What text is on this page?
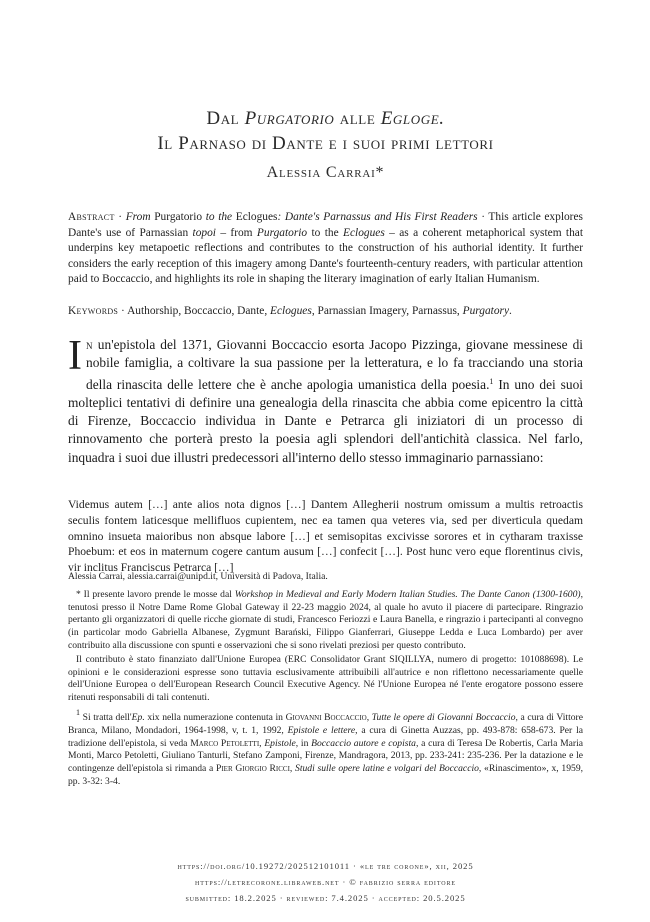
Dal Purgatorio alle Egloge.
Il Parnaso di Dante e i suoi primi lettori
Alessia Carrai*
Abstract · From Purgatorio to the Eclogues: Dante's Parnassus and His First Readers · This article explores Dante's use of Parnassian topoi – from Purgatorio to the Eclogues – as a coherent metaphorical system that underpins key metapoetic reflections and contributes to the construction of his authorial identity. It further considers the early reception of this imagery among Dante's fourteenth-century readers, with particular attention paid to Boccaccio, and highlights its role in shaping the literary imagination of early Italian Humanism.
Keywords · Authorship, Boccaccio, Dante, Eclogues, Parnassian Imagery, Parnassus, Purgatory.
In un'epistola del 1371, Giovanni Boccaccio esorta Jacopo Pizzinga, giovane messinese di nobile famiglia, a coltivare la sua passione per la letteratura, e lo fa tracciando una storia della rinascita delle lettere che è anche apologia umanistica della poesia.$^1$ In uno dei suoi molteplici tentativi di definire una genealogia della rinascita che abbia come epicentro la città di Firenze, Boccaccio individua in Dante e Petrarca gli iniziatori di un processo di rinnovamento che porterà presto la poesia agli splendori dell'antichità classica. Nel farlo, inquadra i suoi due illustri predecessori all'interno dello stesso immaginario parnassiano:
Videmus autem […] ante alios nota dignos […] Dantem Allegherii nostrum omissum a multis retroactis seculis fontem laticesque mellifluos cupientem, nec ea tamen qua veteres via, sed per diverticula quedam omnino insueta maioribus non absque labore […] et semisopitas excivisse sorores et in cytharam traxisse Phoebum: et eos in maternum cogere cantum ausum […] confecit […]. Post hunc vero eque florentinus civis, vir inclitus Franciscus Petrarca […]

Alessia Carrai, alessia.carrai@unipd.it, Università di Padova, Italia.

* Il presente lavoro prende le mosse dal Workshop in Medieval and Early Modern Italian Studies. The Dante Canon (1300-1600), tenutosi presso il Notre Dame Rome Global Gateway il 22-23 maggio 2024, al quale ho avuto il piacere di partecipare. Ringrazio pertanto gli organizzatori di quelle ricche giornate di studi, Francesco Feriozzi e Laura Banella, e ringrazio i partecipanti al convegno (in particolar modo Gabriella Albanese, Zygmunt Barański, Filippo Gianferrari, Giuseppe Ledda e Luca Lombardo) per aver contribuito alla discussione con spunti e osservazioni che si sono rivelati preziosi per questo contributo.

Il contributo è stato finanziato dall'Unione Europea (ERC Consolidator Grant SIQILLYA, numero di progetto: 101088698). Le opinioni e le considerazioni espresse sono tuttavia esclusivamente attribuibili all'autrice e non riflettono necessariamente quelle dell'Unione Europea o dell'European Research Council Executive Agency. Né l'Unione Europea né l'ente erogatore possono essere ritenuti responsabili di tali contenuti.

$^1$ Si tratta dell'Ep. xix nella numerazione contenuta in Giovanni Boccaccio, Tutte le opere di Giovanni Boccaccio, a cura di Vittore Branca, Milano, Mondadori, 1964-1998, v, t. 1, 1992, Epistole e lettere, a cura di Ginetta Auzzas, pp. 493-878: 658-673. Per la tradizione dell'epistola, si veda Marco Petoletti, Epistole, in Boccaccio autore e copista, a cura di Teresa De Robertis, Carla Maria Monti, Marco Petoletti, Giuliano Tanturli, Stefano Zamponi, Firenze, Mandragora, 2013, pp. 233-241: 235-236. Per la datazione e le contingenze dell'epistola si rimanda a Pier Giorgio Ricci, Studi sulle opere latine e volgari del Boccaccio, «Rinascimento», x, 1959, pp. 3-32: 3-4.

https://doi.org/10.19272/202512101011 · «le tre corone», xii, 2025
https://letrecorone.libraweb.net · © fabrizio serra editore
submitted: 18.2.2025 · reviewed: 7.4.2025 · accepted: 20.5.2025
